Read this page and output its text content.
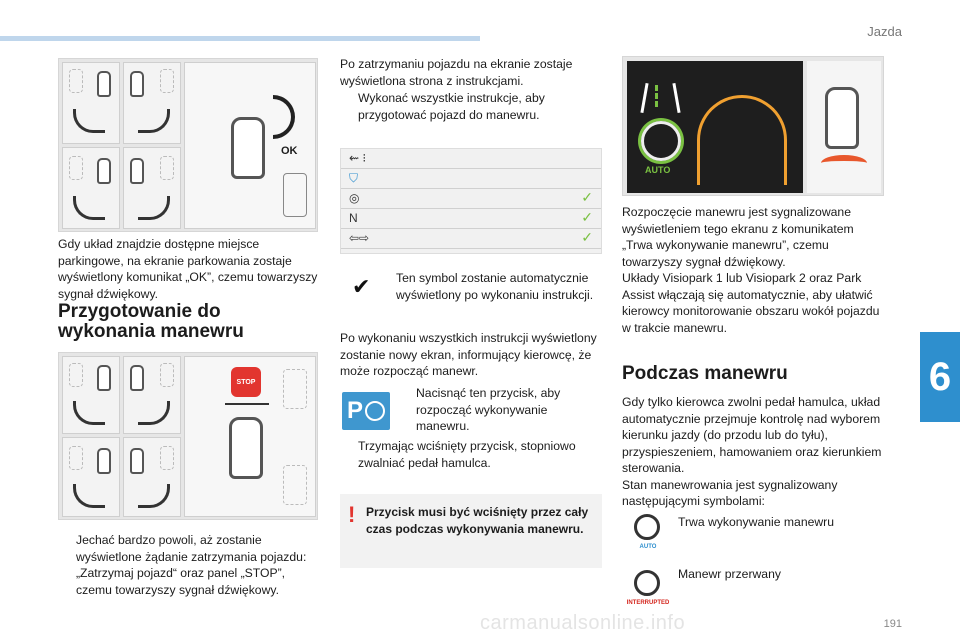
Jazda
6
191
carmanualsonline.info
OK
Gdy układ znajdzie dostępne miejsce parkingowe, na ekranie parkowania zostaje wyświetlony komunikat „OK”, czemu towarzyszy sygnał dźwiękowy.
Przygotowanie do wykonania manewru
STOP
Jechać bardzo powoli, aż zostanie wyświetlone żądanie zatrzymania pojazdu: „Zatrzymaj pojazd“ oraz panel „STOP”, czemu towarzyszy sygnał dźwiękowy.
Po zatrzymaniu pojazdu na ekranie zostaje wyświetlona strona z instrukcjami.
Wykonać wszystkie instrukcje, aby przygotować pojazd do manewru.
⇜ ⁝
⛉
◎	✓
N	✓
⇦⇨	✓
✔ Ten symbol zostanie automatycznie wyświetlony po wykonaniu instrukcji.
Po wykonaniu wszystkich instrukcji wyświetlony zostanie nowy ekran, informujący kierowcę, że może rozpocząć manewr.
P
Nacisnąć ten przycisk, aby rozpocząć wykonywanie manewru.
Trzymając wciśnięty przycisk, stopniowo zwalniać pedał hamulca.
! Przycisk musi być wciśnięty przez cały czas podczas wykonywania manewru.
AUTO
Rozpoczęcie manewru jest sygnalizowane wyświetleniem tego ekranu z komunikatem „Trwa wykonywanie manewru”, czemu towarzyszy sygnał dźwiękowy.
Układy Visiopark 1 lub Visiopark 2 oraz Park Assist włączają się automatycznie, aby ułatwić kierowcy monitorowanie obszaru wokół pojazdu w trakcie manewru.
Podczas manewru
Gdy tylko kierowca zwolni pedał hamulca, układ automatycznie przejmuje kontrolę nad wyborem kierunku jazdy (do przodu lub do tyłu), przyspieszeniem, hamowaniem oraz kierunkiem sterowania.
Stan manewrowania jest sygnalizowany następującymi symbolami:
AUTO
Trwa wykonywanie manewru
INTERRUPTED
Manewr przerwany
